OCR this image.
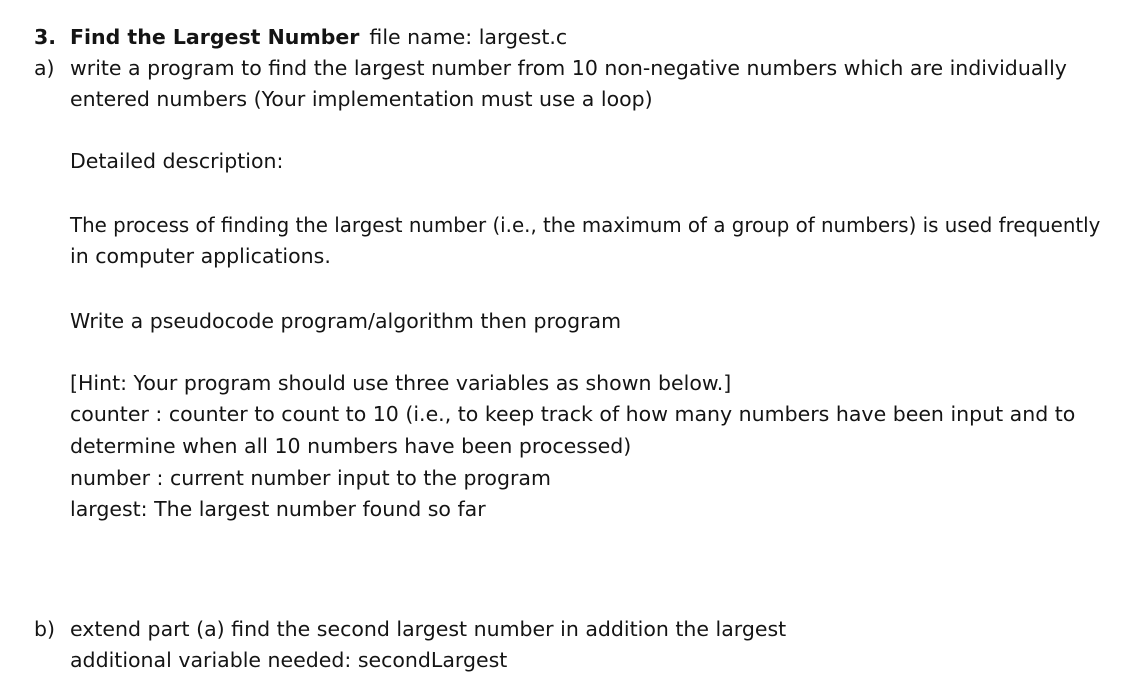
3. Find the Largest Number file name: largest.c
a) write a program to find the largest number from 10 non-negative numbers which are individually
entered numbers (Your implementation must use a loop)
Detailed description:
The process of finding the largest number (i.e., the maximum of a group of numbers) is used frequently
in computer applications.
Write a pseudocode program/algorithm then program
[Hint: Your program should use three variables as shown below.]
counter : counter to count to 10 (i.e., to keep track of how many numbers have been input and to
determine when all 10 numbers have been processed)
number : current number input to the program
largest: The largest number found so far
b) extend part (a) find the second largest number in addition the largest
additional variable needed: secondLargest
